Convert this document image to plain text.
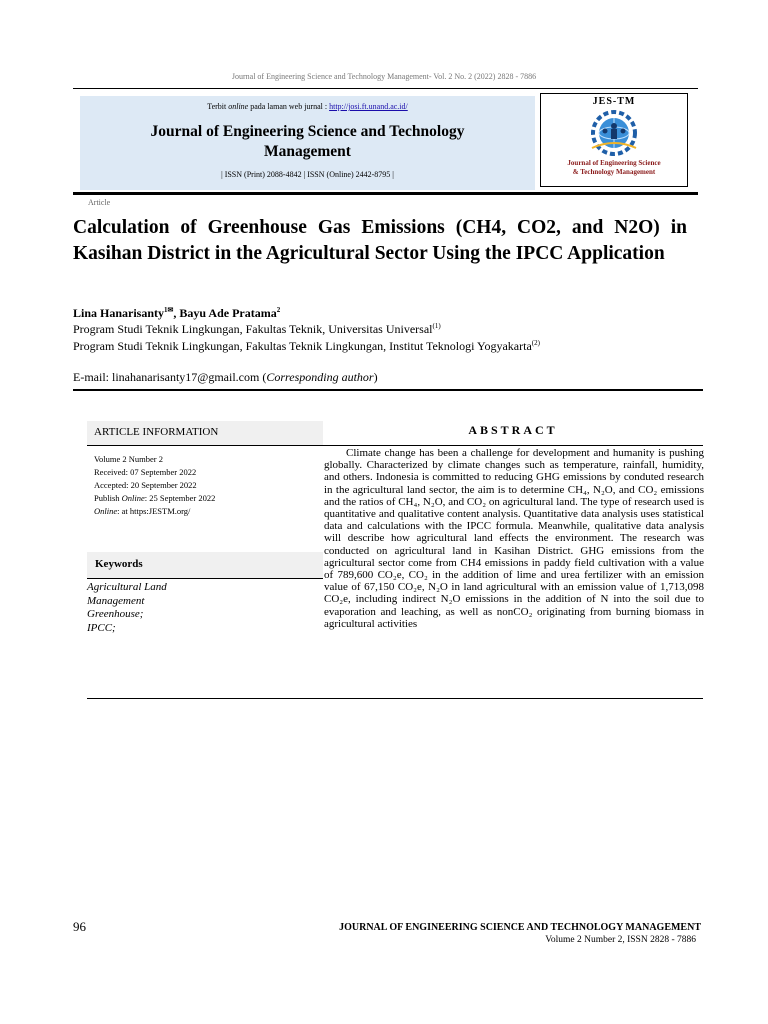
Journal of Engineering Science and Technology Management- Vol. 2 No. 2 (2022) 2828 - 7886
Terbit online pada laman web jurnal : http://josi.ft.unand.ac.id/
Journal of Engineering Science and Technology
Management
| ISSN (Print) 2088-4842 | ISSN (Online) 2442-8795 |
JES-TM
Journal of Engineering Science
& Technology Management
Article
Calculation of Greenhouse Gas Emissions (CH4, CO2, and N2O) in Kasihan District in the Agricultural Sector Using the IPCC Application
Lina Hanarisanty$^{1✉}$, Bayu Ade Pratama$^2$
Program Studi Teknik Lingkungan, Fakultas Teknik, Universitas Universal$^{(1)}$
Program Studi Teknik Lingkungan, Fakultas Teknik Lingkungan, Institut Teknologi Yogyakarta$^{(2)}$
E-mail: linahanarisanty17@gmail.com (Corresponding author)
ARTICLE INFORMATION	ABSTRACT
Volume 2 Number 2
Received: 07 September 2022
Accepted: 20 September 2022
Publish Online: 25 September 2022
Online: at https:JESTM.org/
Keywords
Agricultural Land
Management
Greenhouse;
IPCC;
Climate change has been a challenge for development and humanity is pushing globally. Characterized by climate changes such as temperature, rainfall, humidity, and others. Indonesia is committed to reducing GHG emissions by conduted research in the agricultural land sector, the aim is to determine CH₄, N₂O, and CO₂ emissions and the ratios of CH₄, N₂O, and CO₂ on agricultural land. The type of research used is quantitative and qualitative content analysis. Quantitative data analysis uses statistical data and calculations with the IPCC formula. Meanwhile, qualitative data analysis will describe how agricultural land effects the environment. The research was conducted on agricultural land in Kasihan District. GHG emissions from the agricultural sector come from CH4 emissions in paddy field cultivation with a value of 789,600 CO₂e, CO₂ in the addition of lime and urea fertilizer with an emission value of 67,150 CO₂e, N₂O in land agricultural with an emission value of 1,713,098 CO₂e, including indirect N₂O emissions in the addition of N into the soil due to evaporation and leaching, as well as nonCO₂ originating from burning biomass in agricultural activities
96	JOURNAL OF ENGINEERING SCIENCE AND TECHNOLOGY MANAGEMENT
Volume 2 Number 2, ISSN 2828 - 7886
